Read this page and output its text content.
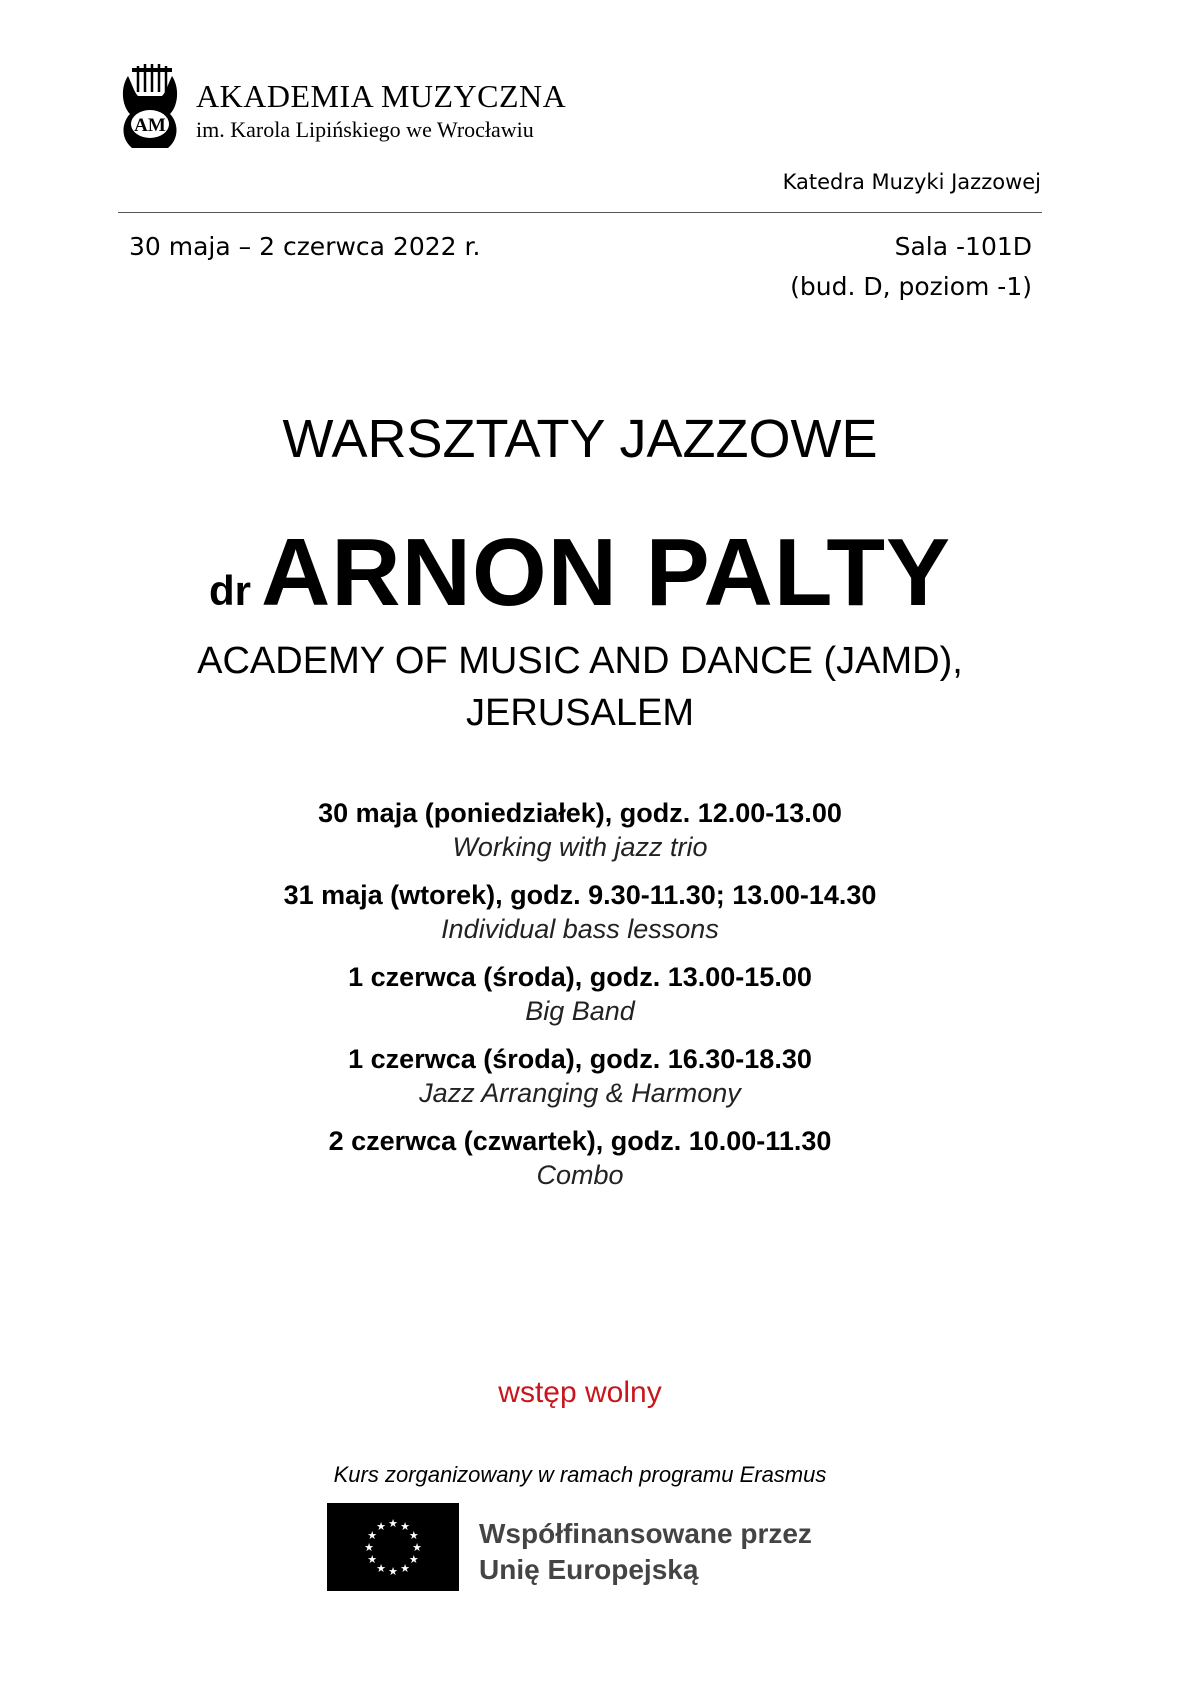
AM
AKADEMIA MUZYCZNA
im. Karola Lipińskiego we Wrocławiu
Katedra Muzyki Jazzowej
30 maja – 2 czerwca 2022 r.	Sala -101D
(bud. D, poziom -1)
WARSZTATY JAZZOWE
dr ARNON PALTY
ACADEMY OF MUSIC AND DANCE (JAMD),
JERUSALEM
30 maja (poniedziałek), godz. 12.00-13.00
Working with jazz trio
31 maja (wtorek), godz. 9.30-11.30; 13.00-14.30
Individual bass lessons
1 czerwca (środa), godz. 13.00-15.00
Big Band
1 czerwca (środa), godz. 16.30-18.30
Jazz Arranging & Harmony
2 czerwca (czwartek), godz. 10.00-11.30
Combo
wstęp wolny
Kurs zorganizowany w ramach programu Erasmus
★ ★
★
★
★
★
★
★
★
★
★
★	Współfinansowane przez
Unię Europejską
